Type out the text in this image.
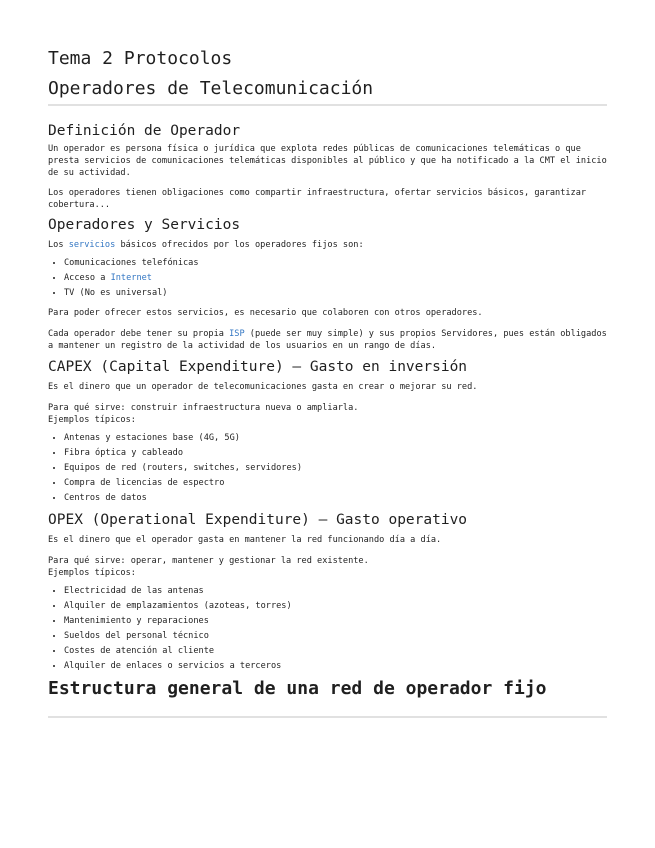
Tema 2 Protocolos
Operadores de Telecomunicación
Definición de Operador

Un operador es persona física o jurídica que explota redes públicas de comunicaciones telemáticas o que presta servicios de comunicaciones telemáticas disponibles al público y que ha notificado a la CMT el inicio de su actividad.

Los operadores tienen obligaciones como compartir infraestructura, ofertar servicios básicos, garantizar cobertura...

Operadores y Servicios

Los servicios básicos ofrecidos por los operadores fijos son:

• Comunicaciones telefónicas
• Acceso a Internet
• TV (No es universal)

Para poder ofrecer estos servicios, es necesario que colaboren con otros operadores.

Cada operador debe tener su propia ISP (puede ser muy simple) y sus propios Servidores, pues están obligados a mantener un registro de la actividad de los usuarios en un rango de días.

CAPEX (Capital Expenditure) – Gasto en inversión

Es el dinero que un operador de telecomunicaciones gasta en crear o mejorar su red.

Para qué sirve: construir infraestructura nueva o ampliarla.
Ejemplos típicos:

• Antenas y estaciones base (4G, 5G)
• Fibra óptica y cableado
• Equipos de red (routers, switches, servidores)
• Compra de licencias de espectro
• Centros de datos
OPEX (Operational Expenditure) – Gasto operativo

Es el dinero que el operador gasta en mantener la red funcionando día a día.

Para qué sirve: operar, mantener y gestionar la red existente.
Ejemplos típicos:

• Electricidad de las antenas
• Alquiler de emplazamientos (azoteas, torres)
• Mantenimiento y reparaciones
• Sueldos del personal técnico
• Costes de atención al cliente
• Alquiler de enlaces o servicios a terceros
Estructura general de una red de operador fijo
